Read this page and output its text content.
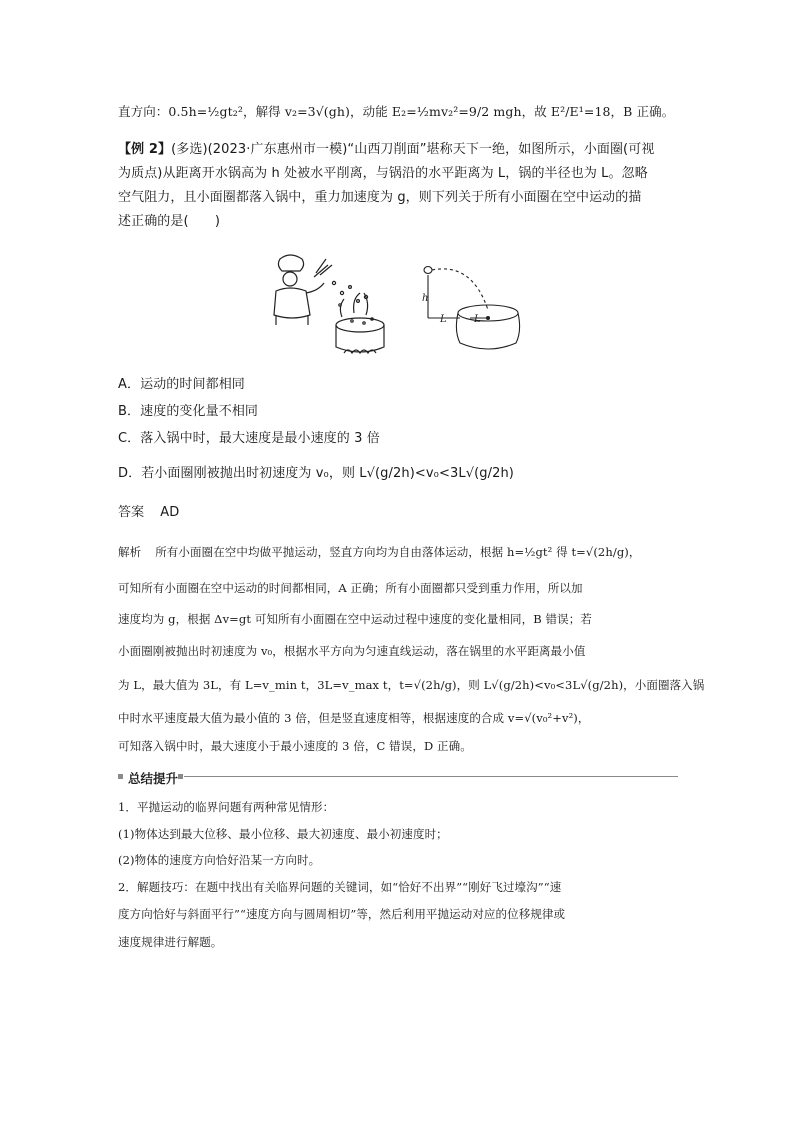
直方向：0.5h=½gt₂²，解得 v₂=3√(gh)，动能 E₂=½mv₂²=9/2 mgh，故 E²/E¹=18，B 正确。
【例 2】(多选)(2023·广东惠州市一模)“山西刀削面”堪称天下一绝，如图所示，小面圈(可视
为质点)从距离开水锅高为 h 处被水平削离，与锅沿的水平距离为 L，锅的半径也为 L。忽略
空气阻力，且小面圈都落入锅中，重力加速度为 g，则下列关于所有小面圈在空中运动的描
述正确的是(　　)
h
L	L
A．运动的时间都相同
B．速度的变化量不相同
C．落入锅中时，最大速度是最小速度的 3 倍
D．若小面圈刚被抛出时初速度为 v₀，则 L√(g/2h)<v₀<3L√(g/2h)
答案 AD
解析 所有小面圈在空中均做平抛运动，竖直方向均为自由落体运动，根据 h=½gt² 得 t=√(2h/g)，
可知所有小面圈在空中运动的时间都相同，A 正确；所有小面圈都只受到重力作用，所以加
速度均为 g，根据 Δv=gt 可知所有小面圈在空中运动过程中速度的变化量相同，B 错误；若
小面圈刚被抛出时初速度为 v₀，根据水平方向为匀速直线运动，落在锅里的水平距离最小值
为 L，最大值为 3L，有 L=v_min t，3L=v_max t，t=√(2h/g)，则 L√(g/2h)<v₀<3L√(g/2h)，小面圈落入锅
中时水平速度最大值为最小值的 3 倍，但是竖直速度相等，根据速度的合成 v=√(v₀²+v²)，
可知落入锅中时，最大速度小于最小速度的 3 倍，C 错误，D 正确。
总结提升
1．平抛运动的临界问题有两种常见情形：
(1)物体达到最大位移、最小位移、最大初速度、最小初速度时；
(2)物体的速度方向恰好沿某一方向时。
2．解题技巧：在题中找出有关临界问题的关键词，如“恰好不出界”“刚好飞过壕沟”“速
度方向恰好与斜面平行”“速度方向与圆周相切”等，然后利用平抛运动对应的位移规律或
速度规律进行解题。
